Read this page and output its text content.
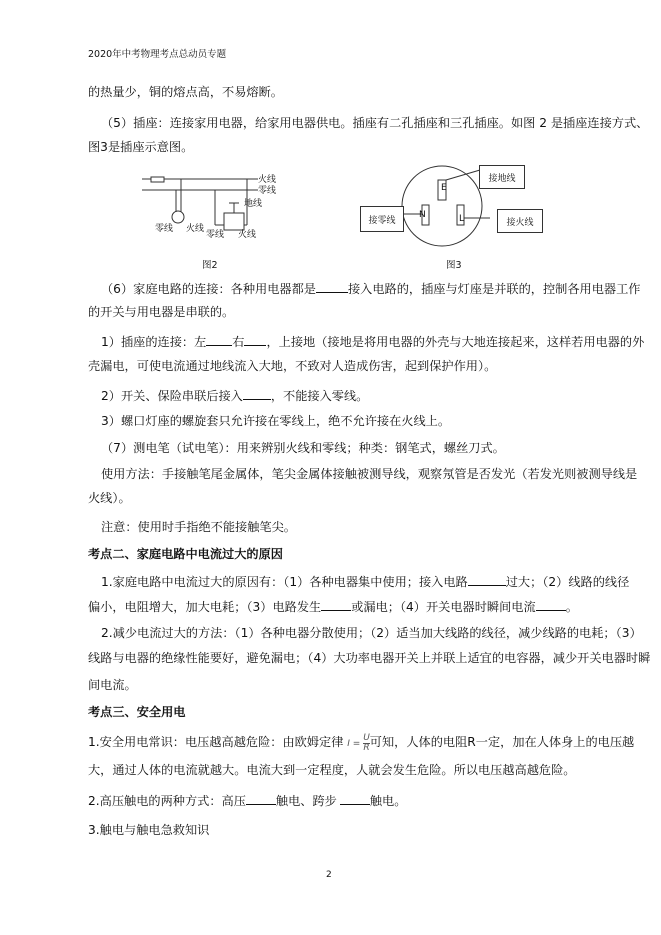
2020年中考物理考点总动员专题
的热量少，铜的熔点高，不易熔断。
（5）插座：连接家用电器，给家用电器供电。插座有二孔插座和三孔插座。如图 2 是插座连接方式、
图3是插座示意图。
火线
零线
地线
零线 火线
零线 火线
图2
E
N	L
接地线
接零线	接火线
图3
（6）家庭电路的连接：各种用电器都是	接入电路的，插座与灯座是并联的，控制各用电器工作
的开关与用电器是串联的。
1）插座的连接：左 右 ，上接地（接地是将用电器的外壳与大地连接起来，这样若用电器的外
壳漏电，可使电流通过地线流入大地，不致对人造成伤害，起到保护作用）。
2）开关、保险串联后接入 ，不能接入零线。
3）螺口灯座的螺旋套只允许接在零线上，绝不允许接在火线上。
（7）测电笔（试电笔）：用来辨别火线和零线；种类：钢笔式，螺丝刀式。
使用方法：手接触笔尾金属体，笔尖金属体接触被测导线，观察氖管是否发光（若发光则被测导线是
火线）。
注意：使用时手指绝不能接触笔尖。
考点二、家庭电路中电流过大的原因
1.家庭电路中电流过大的原因有：（1）各种电器集中使用；接入电路	过大；（2）线路的线径
偏小，电阻增大，加大电耗；（3）电路发生 或漏电；（4）开关电器时瞬间电流 。
2.减少电流过大的方法：（1）各种电器分散使用；（2）适当加大线路的线径，减少线路的电耗；（3）
线路与电器的绝缘性能要好，避免漏电；（4）大功率电器开关上并联上适宜的电容器，减少开关电器时瞬
间电流。
考点三、安全用电
1.安全用电常识：电压越高越危险：由欧姆定律 $I = \frac{U}{R}$ 可知，人体的电阻R一定，加在人体身上的电压越
大，通过人体的电流就越大。电流大到一定程度，人就会发生危险。所以电压越高越危险。
2.高压触电的两种方式：高压 触电、跨步	触电。
3.触电与触电急救知识
2
